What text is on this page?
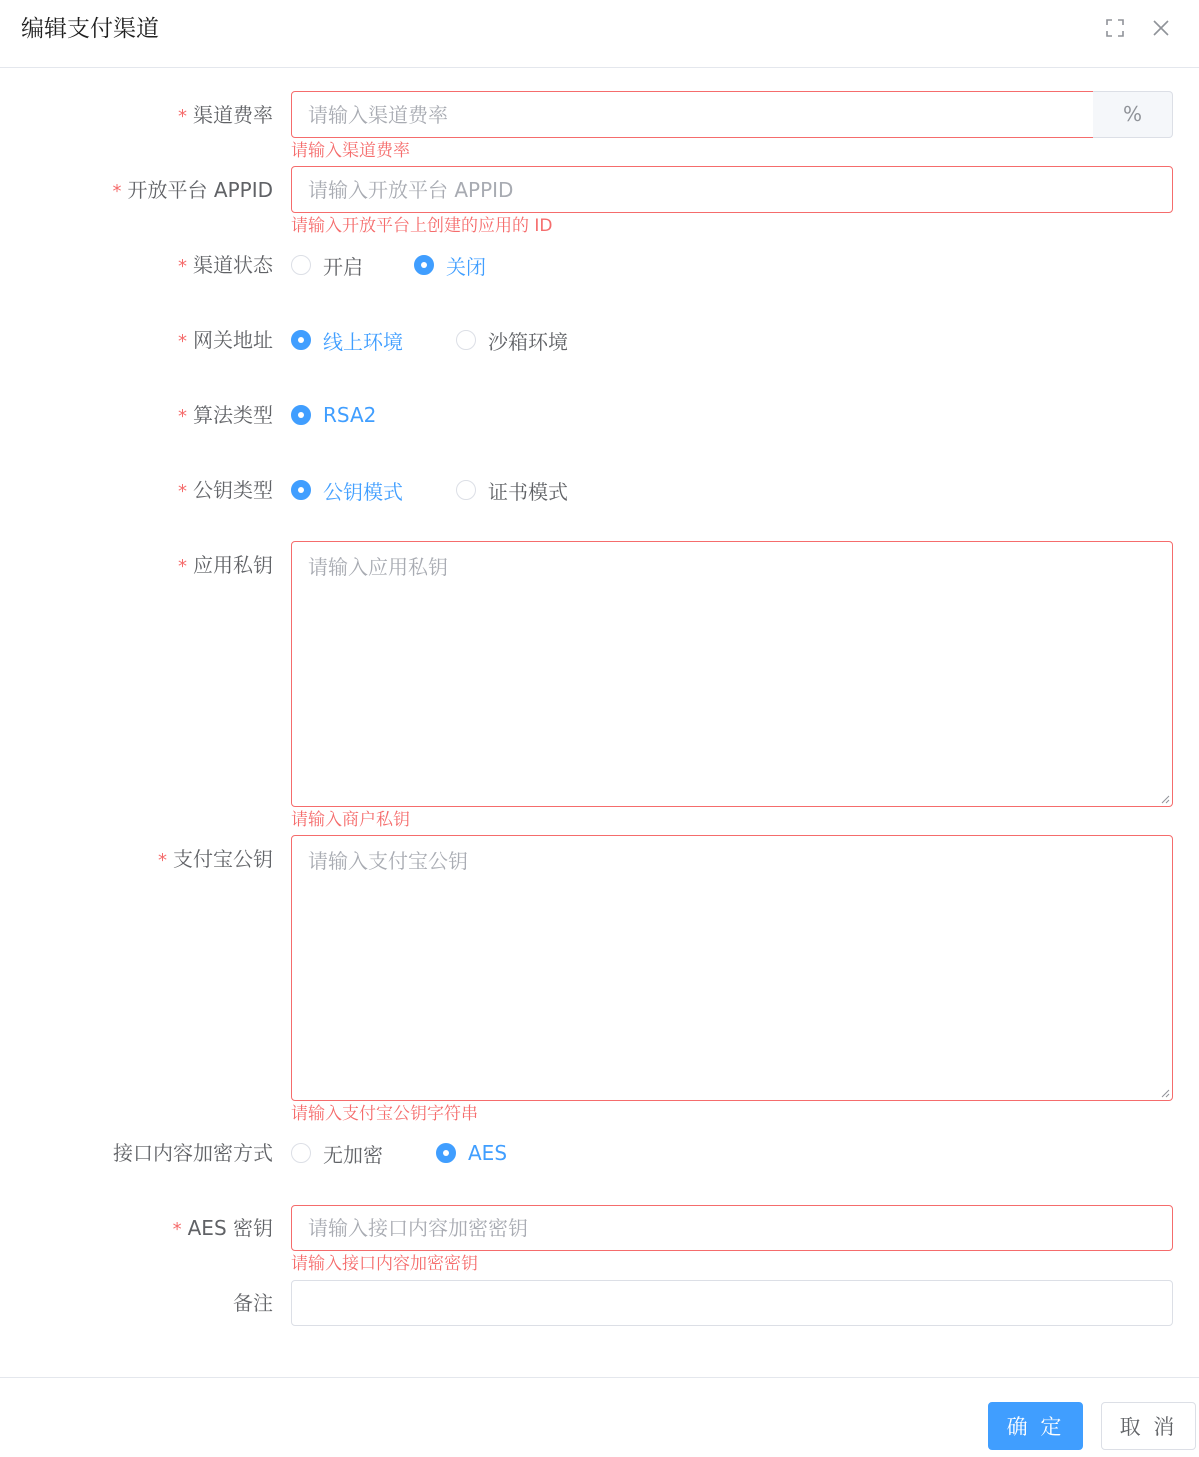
编辑支付渠道
* 渠道费率
请输入渠道费率	%
请输入渠道费率
* 开放平台 APPID
请输入开放平台 APPID
请输入开放平台上创建的应用的 ID
* 渠道状态	开启	关闭
* 网关地址	线上环境	沙箱环境
* 算法类型	RSA2
* 公钥类型	公钥模式	证书模式
* 应用私钥
请输入应用私钥
请输入商户私钥
* 支付宝公钥
请输入支付宝公钥
请输入支付宝公钥字符串
接口内容加密方式	无加密	AES
* AES 密钥
请输入接口内容加密密钥
请输入接口内容加密密钥
备注
确 定	取 消
